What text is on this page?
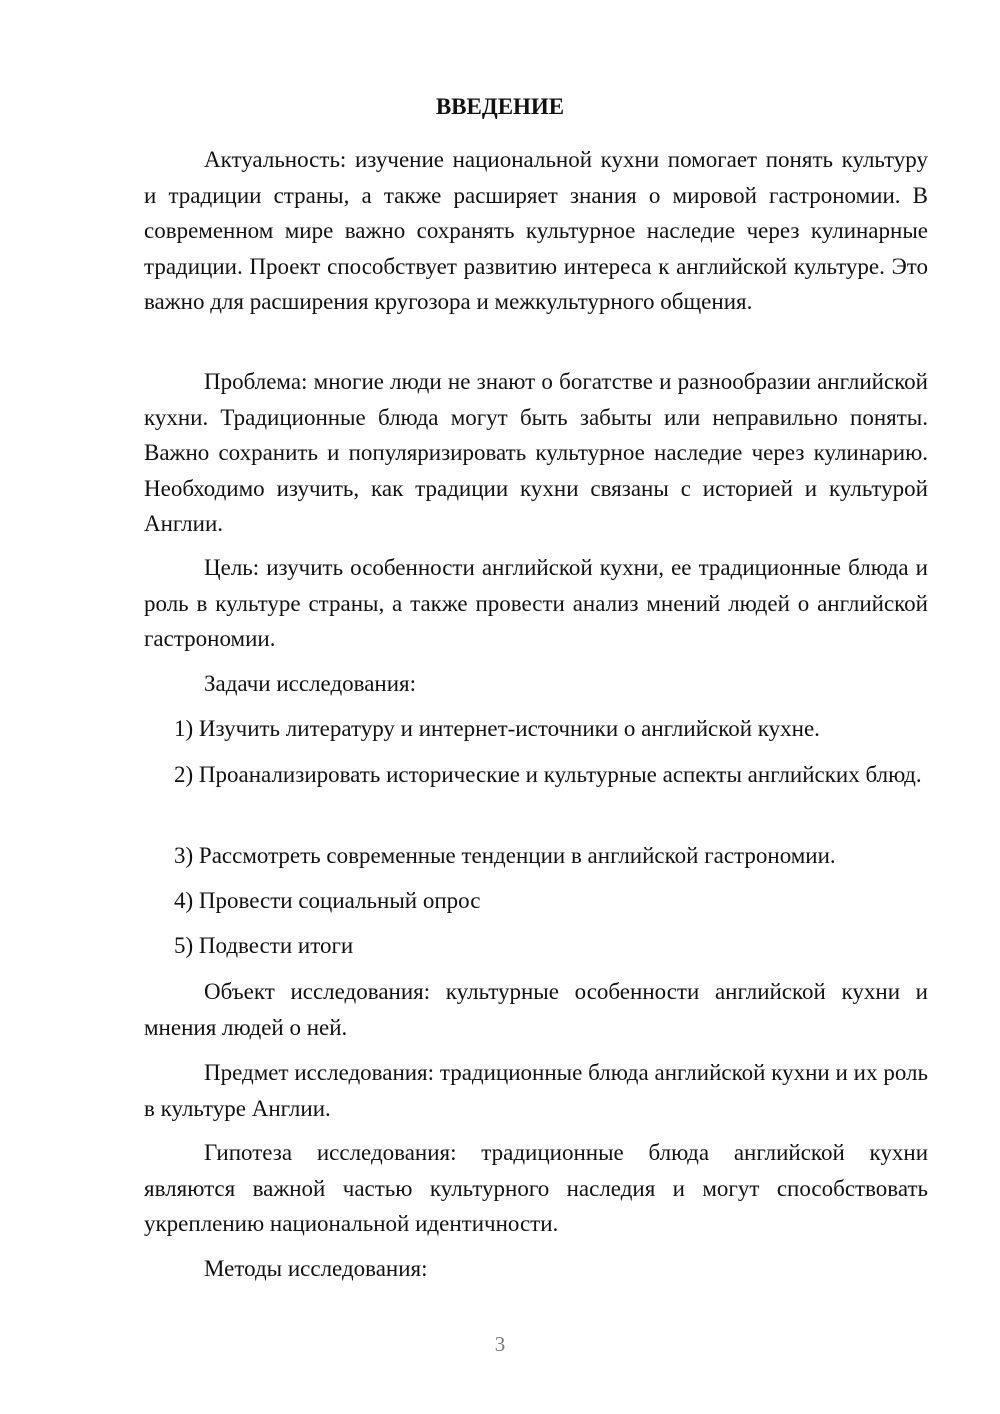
ВВЕДЕНИЕ

Актуальность: изучение национальной кухни помогает понять культуру и традиции страны, а также расширяет знания о мировой гастрономии. В современном мире важно сохранять культурное наследие через кулинарные традиции. Проект способствует развитию интереса к английской культуре. Это важно для расширения кругозора и межкультурного общения.

Проблема: многие люди не знают о богатстве и разнообразии английской кухни. Традиционные блюда могут быть забыты или неправильно поняты. Важно сохранить и популяризировать культурное наследие через кулинарию. Необходимо изучить, как традиции кухни связаны с историей и культурой Англии.

Цель: изучить особенности английской кухни, ее традиционные блюда и роль в культуре страны, а также провести анализ мнений людей о английской гастрономии.

Задачи исследования:

1) Изучить литературу и интернет-источники о английской кухне.

2) Проанализировать исторические и культурные аспекты английских блюд.

3) Рассмотреть современные тенденции в английской гастрономии.

4) Провести социальный опрос

5) Подвести итоги

Объект исследования: культурные особенности английской кухни и мнения людей о ней.

Предмет исследования: традиционные блюда английской кухни и их роль в культуре Англии.

Гипотеза исследования: традиционные блюда английской кухни являются важной частью культурного наследия и могут способствовать укреплению национальной идентичности.

Методы исследования:

3
